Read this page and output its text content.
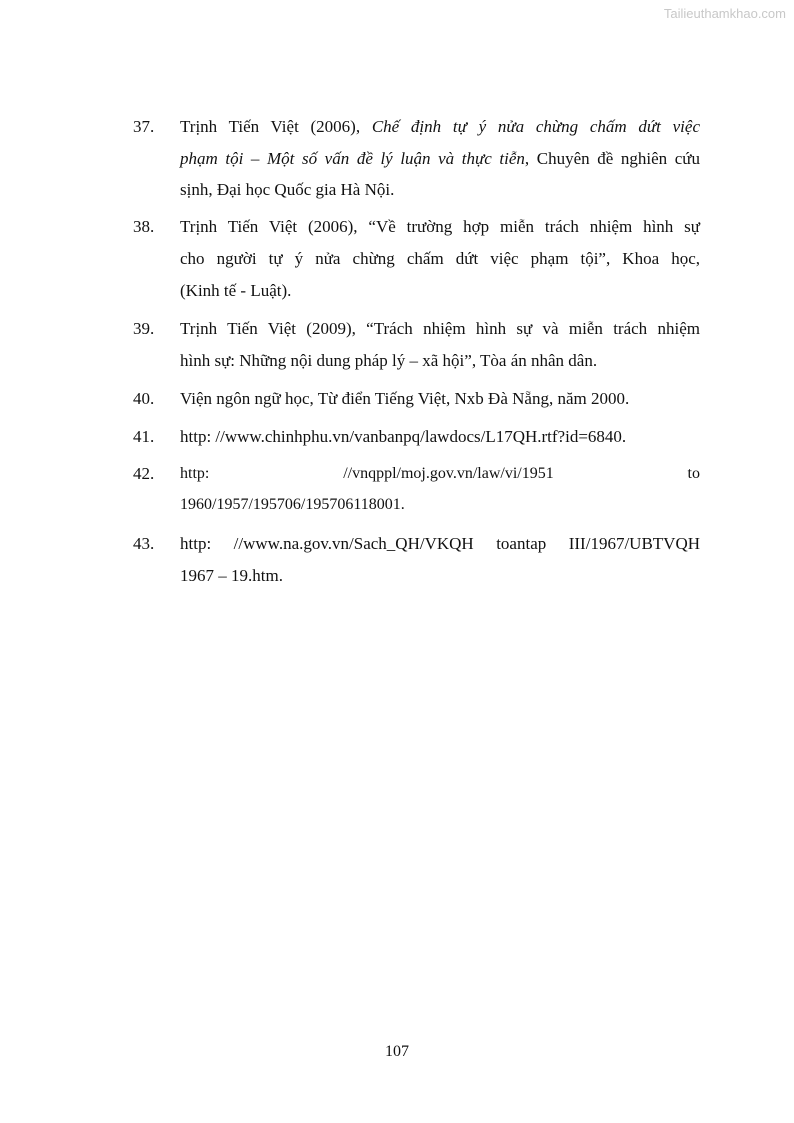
Tailieuthamkhao.com
37. Trịnh Tiến Việt (2006), Chế định tự ý nửa chừng chấm dứt việc
phạm tội – Một số vấn đề lý luận và thực tiễn, Chuyên đề nghiên cứu
sịnh, Đại học Quốc gia Hà Nội.
38. Trịnh Tiến Việt (2006), “Về trường hợp miễn trách nhiệm hình sự
cho người tự ý nửa chừng chấm dứt việc phạm tội”, Khoa học,
(Kinh tế - Luật).
39. Trịnh Tiến Việt (2009), “Trách nhiệm hình sự và miễn trách nhiệm
hình sự: Những nội dung pháp lý – xã hội”, Tòa án nhân dân.
40. Viện ngôn ngữ học, Từ điển Tiếng Việt, Nxb Đà Nẵng, năm 2000.
41. http: //www.chinhphu.vn/vanbanpq/lawdocs/L17QH.rtf?id=6840.
42. http: //vnqppl/moj.gov.vn/law/vi/1951 to
1960/1957/195706/195706118001.
43. http: //www.na.gov.vn/Sach_QH/VKQH toantap III/1967/UBTVQH
1967 – 19.htm.
107
